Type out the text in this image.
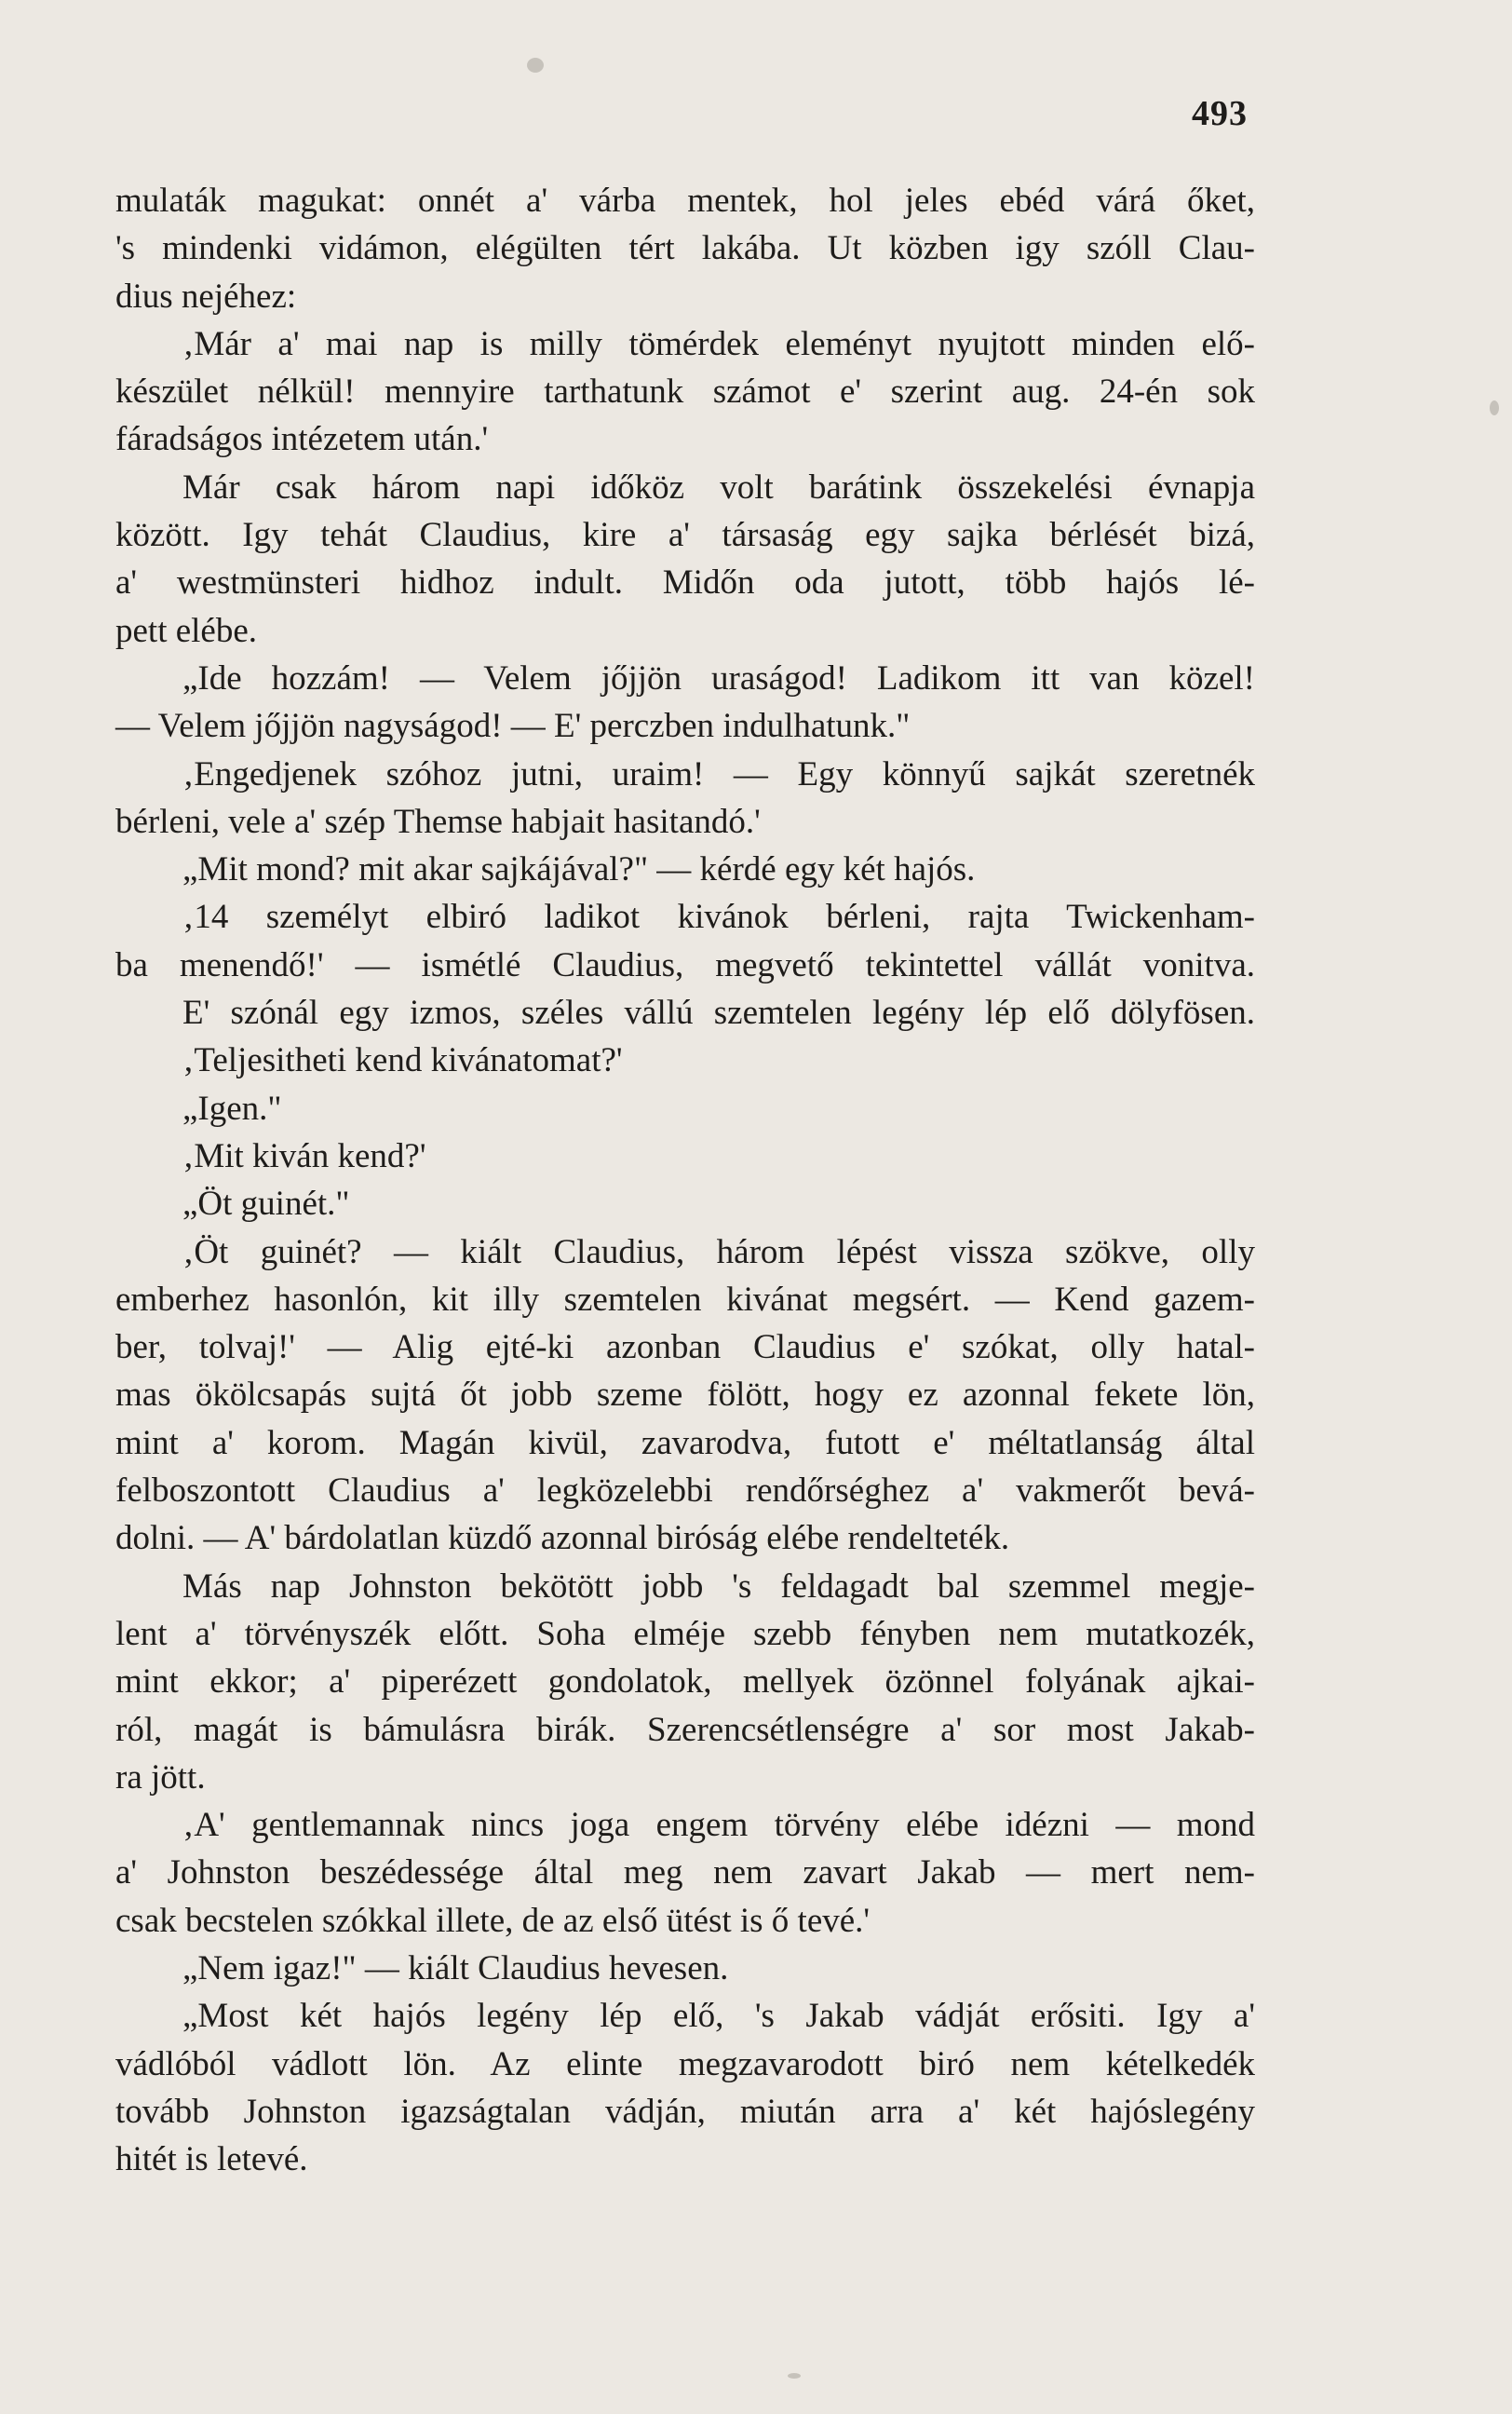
493
mulaták magukat: onnét a' várba mentek, hol jeles ebéd várá őket,
's mindenki vidámon, elégülten tért lakába. Ut közben igy szóll Clau-
dius nejéhez:
‚Már a' mai nap is milly tömérdek eleményt nyujtott minden elő-
készület nélkül! mennyire tarthatunk számot e' szerint aug. 24-én sok
fáradságos intézetem után.'
Már csak három napi időköz volt barátink összekelési évnapja
között. Igy tehát Claudius, kire a' társaság egy sajka bérlését bizá,
a' westmünsteri hidhoz indult. Midőn oda jutott, több hajós lé-
pett elébe.
„Ide hozzám! — Velem jőjjön uraságod! Ladikom itt van közel!
— Velem jőjjön nagyságod! — E' perczben indulhatunk."
‚Engedjenek szóhoz jutni, uraim! — Egy könnyű sajkát szeretnék
bérleni, vele a' szép Themse habjait hasitandó.'
„Mit mond? mit akar sajkájával?" — kérdé egy két hajós.
‚14 személyt elbiró ladikot kivánok bérleni, rajta Twickenham-
ba menendő!' — ismétlé Claudius, megvető tekintettel vállát vonitva.
E' szónál egy izmos, széles vállú szemtelen legény lép elő dölyfösen.
‚Teljesitheti kend kivánatomat?'
„Igen."
‚Mit kiván kend?'
„Öt guinét."
‚Öt guinét? — kiált Claudius, három lépést vissza szökve, olly
emberhez hasonlón, kit illy szemtelen kivánat megsért. — Kend gazem-
ber, tolvaj!' — Alig ejté-ki azonban Claudius e' szókat, olly hatal-
mas ökölcsapás sujtá őt jobb szeme fölött, hogy ez azonnal fekete lön,
mint a' korom. Magán kivül, zavarodva, futott e' méltatlanság által
felboszontott Claudius a' legközelebbi rendőrséghez a' vakmerőt bevá-
dolni. — A' bárdolatlan küzdő azonnal biróság elébe rendelteték.
Más nap Johnston bekötött jobb 's feldagadt bal szemmel megje-
lent a' törvényszék előtt. Soha elméje szebb fényben nem mutatkozék,
mint ekkor; a' piperézett gondolatok, mellyek özönnel folyának ajkai-
ról, magát is bámulásra birák. Szerencsétlenségre a' sor most Jakab-
ra jött.
‚A' gentlemannak nincs joga engem törvény elébe idézni — mond
a' Johnston beszédessége által meg nem zavart Jakab — mert nem-
csak becstelen szókkal illete, de az első ütést is ő tevé.'
„Nem igaz!" — kiált Claudius hevesen.
„Most két hajós legény lép elő, 's Jakab vádját erősiti. Igy a'
vádlóból vádlott lön. Az elinte megzavarodott biró nem kételkedék
tovább Johnston igazságtalan vádján, miután arra a' két hajóslegény
hitét is letevé.
